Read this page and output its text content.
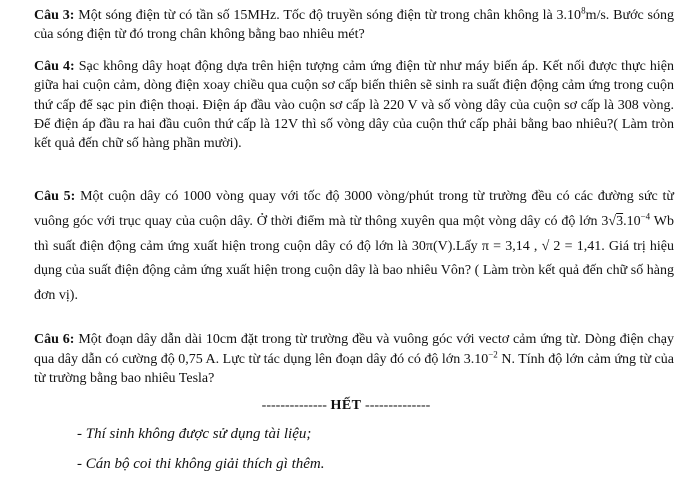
Câu 3: Một sóng điện từ có tần số 15MHz. Tốc độ truyền sóng điện từ trong chân không là 3.10$^8$m/s. Bước sóng của sóng điện từ đó trong chân không bằng bao nhiêu mét?

Câu 4: Sạc không dây hoạt động dựa trên hiện tượng cảm ứng điện từ như máy biến áp. Kết nối được thực hiện giữa hai cuộn cảm, dòng điện xoay chiều qua cuộn sơ cấp biến thiên sẽ sinh ra suất điện động cảm ứng trong cuộn thứ cấp để sạc pin điện thoại. Điện áp đầu vào cuộn sơ cấp là 220 V và số vòng dây của cuộn sơ cấp là 308 vòng. Để điện áp đầu ra hai đầu cuôn thứ cấp là 12V thì số vòng dây của cuộn thứ cấp phải bằng bao nhiêu?( Làm tròn kết quả đến chữ số hàng phần mười).

Câu 5: Một cuộn dây có 1000 vòng quay với tốc độ 3000 vòng/phút trong từ trường đều có các đường sức từ vuông góc với trục quay của cuộn dây. Ở thời điểm mà từ thông xuyên qua một vòng dây có độ lớn $3√3.10^{-4}$ Wb thì suất điện động cảm ứng xuất hiện trong cuộn dây có độ lớn là 30π(V).Lấy π = 3,14 , √ 2 = 1,41. Giá trị hiệu dụng của suất điện động cảm ứng xuất hiện trong cuộn dây là bao nhiêu Vôn? ( Làm tròn kết quả đến chữ số hàng đơn vị).

Câu 6: Một đoạn dây dẫn dài 10cm đặt trong từ trường đều và vuông góc với vectơ cảm ứng từ. Dòng điện chạy qua dây dẫn có cường độ 0,75 A. Lực từ tác dụng lên đoạn dây đó có độ lớn $3.10^{-2}$ N. Tính độ lớn cảm ứng từ của từ trường bằng bao nhiêu Tesla?

-------------- HẾT --------------
- Thí sinh không được sử dụng tài liệu;
- Cán bộ coi thi không giải thích gì thêm.
